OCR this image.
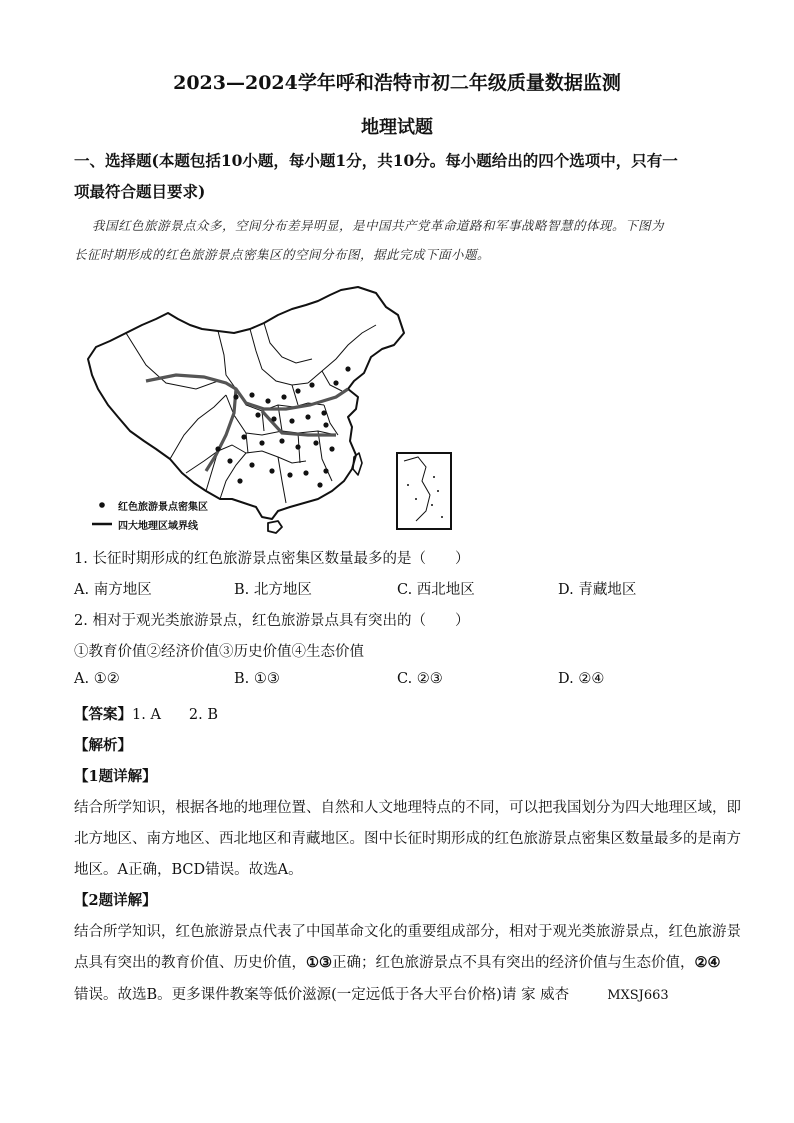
2023—2024学年呼和浩特市初二年级质量数据监测
地理试题
一、选择题(本题包括10小题，每小题1分，共10分。每小题给出的四个选项中，只有一
项最符合题目要求)
我国红色旅游景点众多，空间分布差异明显，是中国共产党革命道路和军事战略智慧的体现。下图为
长征时期形成的红色旅游景点密集区的空间分布图，据此完成下面小题。
红色旅游景点密集区
四大地理区域界线
1. 长征时期形成的红色旅游景点密集区数量最多的是（　　）
A. 南方地区	B. 北方地区	C. 西北地区	D. 青藏地区
2. 相对于观光类旅游景点，红色旅游景点具有突出的（　　）
①教育价值②经济价值③历史价值④生态价值
A. ①②	B. ①③	C. ②③	D. ②④
【答案】1. A 2. B
【解析】
【1题详解】
结合所学知识，根据各地的地理位置、自然和人文地理特点的不同，可以把我国划分为四大地理区域，即
北方地区、南方地区、西北地区和青藏地区。图中长征时期形成的红色旅游景点密集区数量最多的是南方
地区。A正确，BCD错误。故选A。
【2题详解】
结合所学知识，红色旅游景点代表了中国革命文化的重要组成部分，相对于观光类旅游景点，红色旅游景
点具有突出的教育价值、历史价值，①③正确；红色旅游景点不具有突出的经济价值与生态价值，②④
错误。故选B。更多课件教案等低价滋源(一定远低于各大平台价格)请 家 威杏	MXSJ663
